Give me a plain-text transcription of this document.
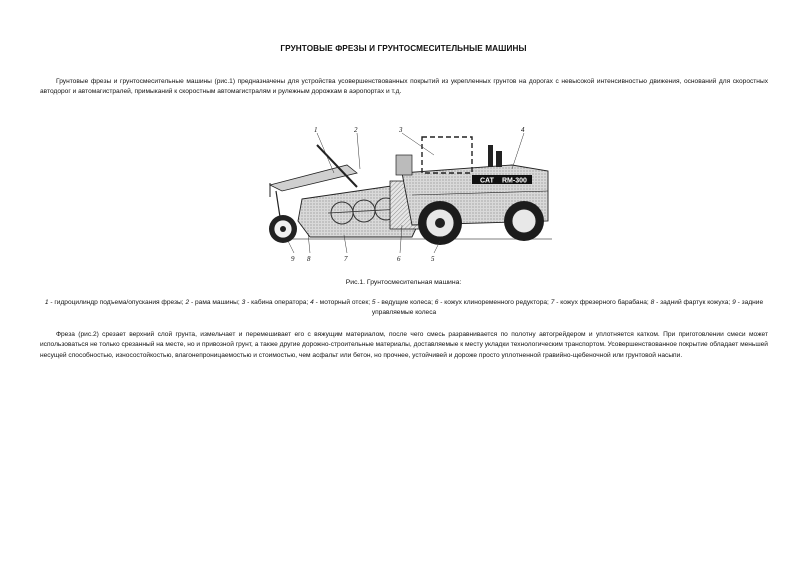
ГРУНТОВЫЕ ФРЕЗЫ И ГРУНТОСМЕСИТЕЛЬНЫЕ МАШИНЫ
Грунтовые фрезы и грунтосмесительные машины (рис.1) предназначены для устройства усовершенствованных покрытий из укрепленных грунтов на дорогах с невысокой интенсивностью движения, оснований для скоростных автодорог и автомагистралей, примыканий к скоростным автомагистралям и рулежным дорожкам в аэропортах и т.д.
CAT RM-300
1	2	3	4
5
6
7
8
9
Рис.1. Грунтосмесительная машина:
1 - гидроцилиндр подъема/опускания фрезы; 2 - рама машины; 3 - кабина оператора; 4 - моторный отсек; 5 - ведущие колеса; 6 - кожух клиноременного редуктора; 7 - кожух фрезерного барабана; 8 - задний фартук кожуха; 9 - задние управляемые колеса
Фреза (рис.2) срезает верхний слой грунта, измельчает и перемешивает его с вяжущим материалом, после чего смесь разравнивается по полотну автогрейдером и уплотняется катком. При приготовлении смеси может использоваться не только срезанный на месте, но и привозной грунт, а также другие дорожно-строительные материалы, доставляемые к месту укладки технологическим транспортом. Усовершенствованное покрытие обладает меньшей несущей способностью, износостойкостью, влагонепроницаемостью и стоимостью, чем асфальт или бетон, но прочнее, устойчивей и дороже просто уплотненной гравийно-щебеночной или грунтовой насыпи.
